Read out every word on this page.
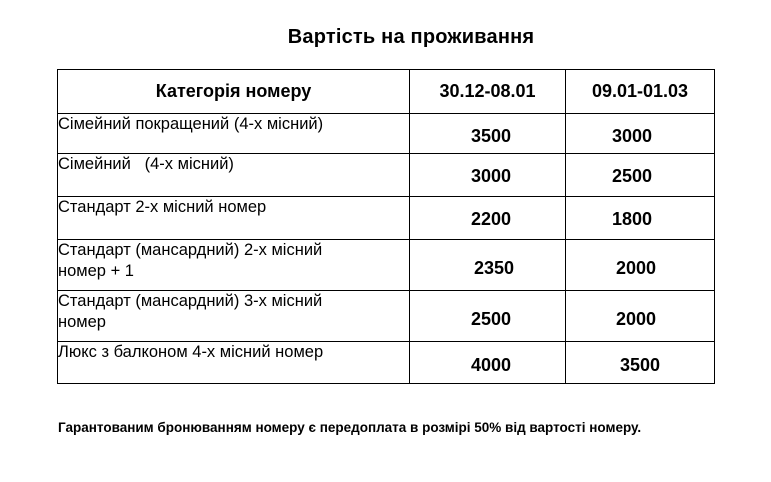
Вартість на проживання
Категорія номеру	30.12-08.01	09.01-01.03
Сімейний покращений (4-х місний)	3500	3000

Сімейний   (4-х місний)	3000	2500

Стандарт 2-х місний номер	2200	1800

Стандарт (мансардний) 2-х місний номер + 1	2350	2000

Стандарт (мансардний) 3-х місний номер	2500	2000

Люкс з балконом 4-х місний номер	4000	3500
Гарантованим бронюванням номеру є передоплата в розмірі 50% від вартості номеру.
